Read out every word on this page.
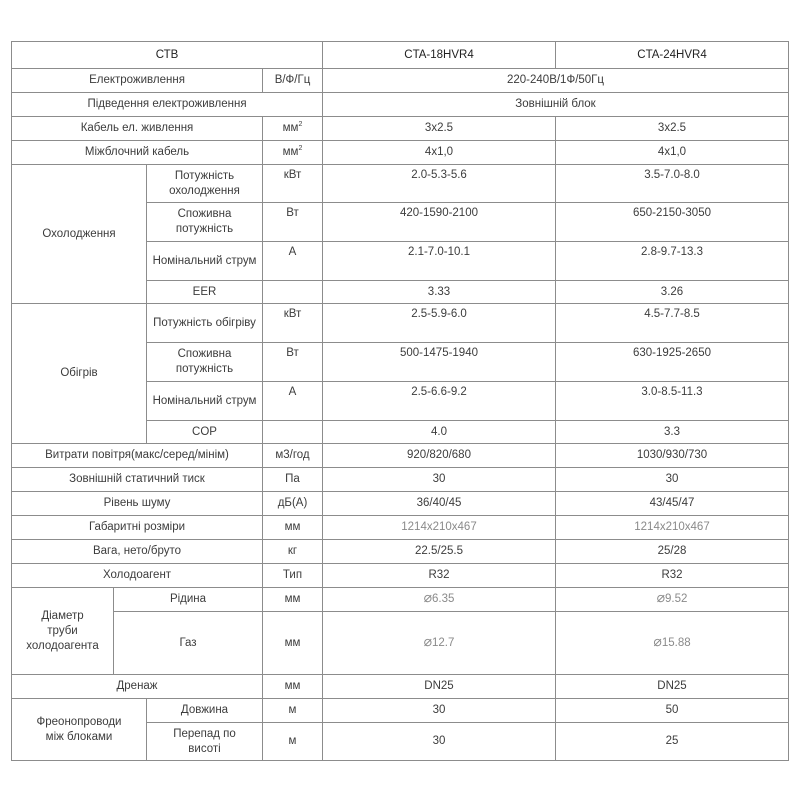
СТВ				CTA-18HVR4	CTA-24HVR4
Електроживлення			В/Ф/Гц	220-240В/1Ф/50Гц	
Підведення електроживлення				Зовнішній блок	
Кабель ел. живлення			$мм^2$	3x2.5	3x2.5
Міжблочний кабель			$мм^2$	4x1,0	4x1,0
Охолодження		Потужність охолодження	кВт	2.0-5.3-5.6	3.5-7.0-8.0
		Споживна потужність	Вт	420-1590-2100	650-2150-3050
		Номінальний струм	А	2.1-7.0-10.1	2.8-9.7-13.3
		EER		3.33	3.26
Обігрів		Потужність обігріву	кВт	2.5-5.9-6.0	4.5-7.7-8.5
		Споживна потужність	Вт	500-1475-1940	630-1925-2650
		Номінальний струм	А	2.5-6.6-9.2	3.0-8.5-11.3
		COP		4.0	3.3
Витрати повітря(макс/серед/мінім)			м3/год	920/820/680	1030/930/730
Зовнішній статичний тиск			Па	30	30
Рівень шуму			дБ(А)	36/40/45	43/45/47
Габаритні розміри			мм	1214x210x467	1214x210x467
Вага, нето/бруто			кг	22.5/25.5	25/28
Холодоагент			Тип	R32	R32
Діаметр труби холодоагента	Рідина		мм	⌀6.35	⌀9.52
	Газ		мм	⌀12.7	⌀15.88
Дренаж			мм	DN25	DN25
Фреонопроводи між блоками		Довжина	м	30	50
		Перепад по висоті	м	30	25
